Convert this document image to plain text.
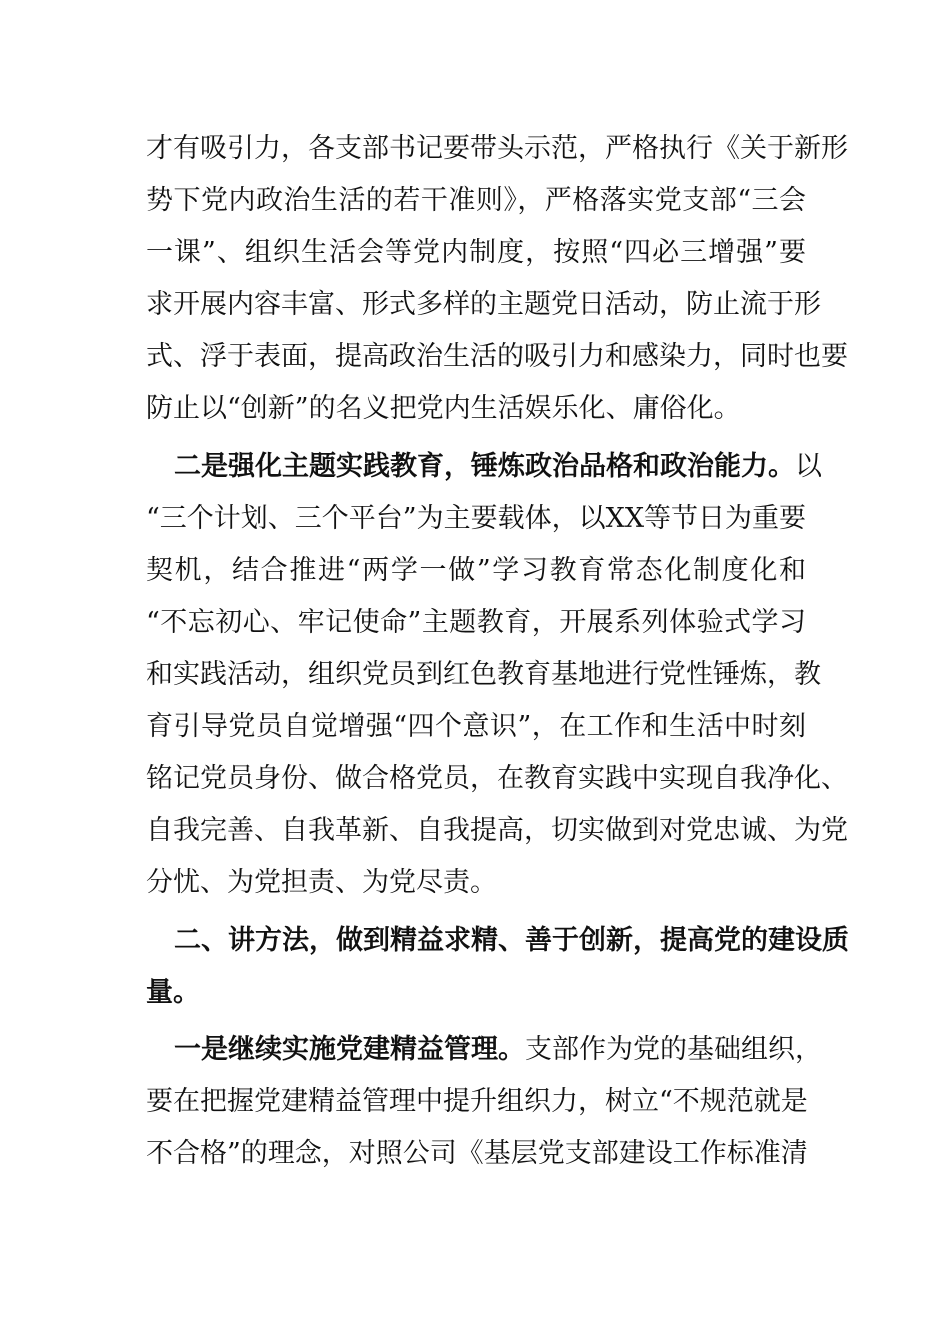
才有吸引力，各支部书记要带头示范，严格执行《关于新形
势下党内政治生活的若干准则》，严格落实党支部“三会
一课”、组织生活会等党内制度，按照“四必三增强”要
求开展内容丰富、形式多样的主题党日活动，防止流于形
式、浮于表面，提高政治生活的吸引力和感染力，同时也要
防止以“创新”的名义把党内生活娱乐化、庸俗化。
二是强化主题实践教育，锤炼政治品格和政治能力。以
“三个计划、三个平台”为主要载体，以XX等节日为重要
契机，结合推进“两学一做”学习教育常态化制度化和
“不忘初心、牢记使命”主题教育，开展系列体验式学习
和实践活动，组织党员到红色教育基地进行党性锤炼，教
育引导党员自觉增强“四个意识”，在工作和生活中时刻
铭记党员身份、做合格党员，在教育实践中实现自我净化、
自我完善、自我革新、自我提高，切实做到对党忠诚、为党
分忧、为党担责、为党尽责。
二、讲方法，做到精益求精、善于创新，提高党的建设质
量。
一是继续实施党建精益管理。支部作为党的基础组织，
要在把握党建精益管理中提升组织力，树立“不规范就是
不合格”的理念，对照公司《基层党支部建设工作标准清
